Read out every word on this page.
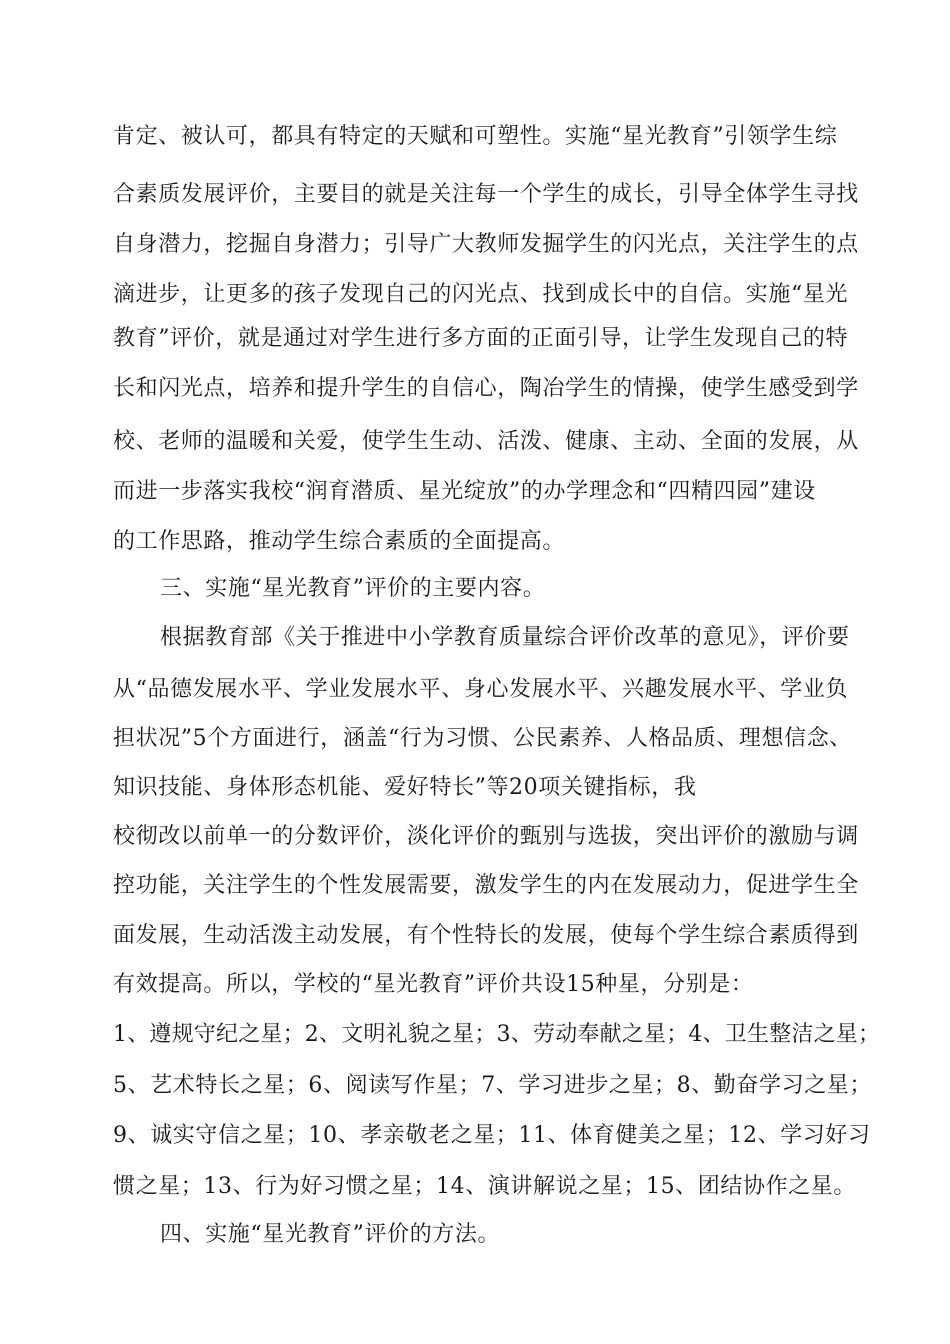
肯定、被认可，都具有特定的天赋和可塑性。实施“星光教育”引领学生综
合素质发展评价，主要目的就是关注每一个学生的成长，引导全体学生寻找
自身潜力，挖掘自身潜力；引导广大教师发掘学生的闪光点，关注学生的点
滴进步，让更多的孩子发现自己的闪光点、找到成长中的自信。实施“星光
教育”评价，就是通过对学生进行多方面的正面引导，让学生发现自己的特
长和闪光点，培养和提升学生的自信心，陶冶学生的情操，使学生感受到学
校、老师的温暖和关爱，使学生生动、活泼、健康、主动、全面的发展，从
而进一步落实我校“润育潜质、星光绽放”的办学理念和“四精四园”建设
的工作思路，推动学生综合素质的全面提高。
三、实施“星光教育”评价的主要内容。
根据教育部《关于推进中小学教育质量综合评价改革的意见》，评价要
从“品德发展水平、学业发展水平、身心发展水平、兴趣发展水平、学业负
担状况”5个方面进行，涵盖“行为习惯、公民素养、人格品质、理想信念、
知识技能、身体形态机能、爱好特长”等20项关键指标，我
校彻改以前单一的分数评价，淡化评价的甄别与选拔，突出评价的激励与调
控功能，关注学生的个性发展需要，激发学生的内在发展动力，促进学生全
面发展，生动活泼主动发展，有个性特长的发展，使每个学生综合素质得到
有效提高。所以，学校的“星光教育”评价共设15种星，分别是：
1、遵规守纪之星；2、文明礼貌之星；3、劳动奉献之星；4、卫生整洁之星；
5、艺术特长之星；6、阅读写作星；7、学习进步之星；8、勤奋学习之星；
9、诚实守信之星；10、孝亲敬老之星；11、体育健美之星；12、学习好习
惯之星；13、行为好习惯之星；14、演讲解说之星；15、团结协作之星。
四、实施“星光教育”评价的方法。
